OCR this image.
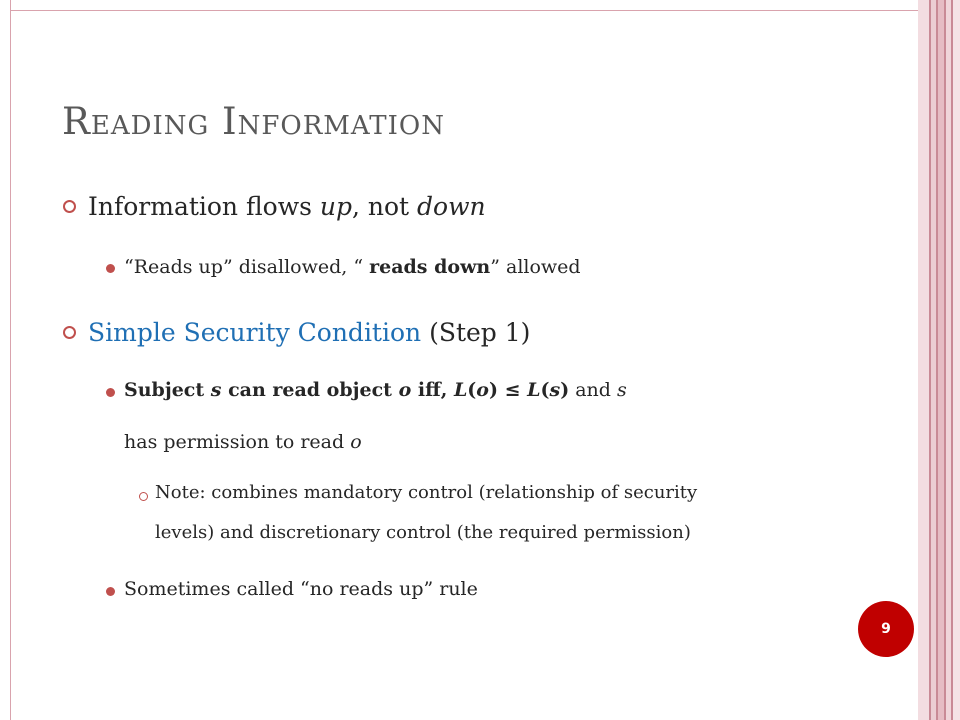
Reading Information
Information flows up, not down
“Reads up” disallowed, “ reads down” allowed
Simple Security Condition (Step 1)
Subject s can read object o iff, L(o) ≤ L(s) and s
has permission to read o
Note: combines mandatory control (relationship of security
levels) and discretionary control (the required permission)
Sometimes called “no reads up” rule
9
